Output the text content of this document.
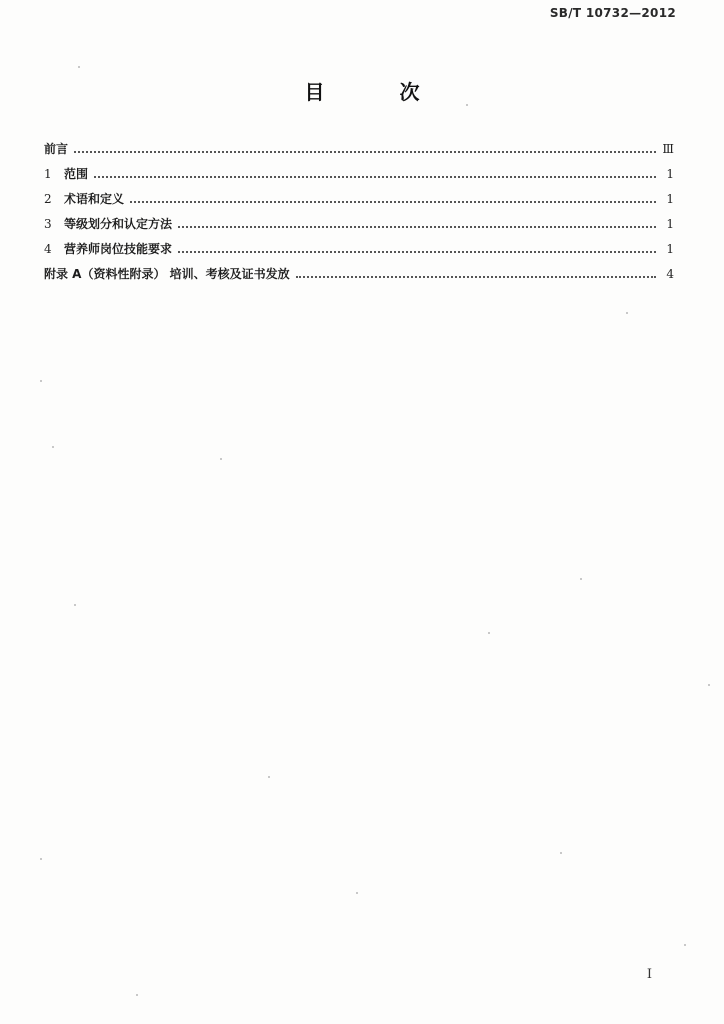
SB/T 10732—2012
目 次
前言	Ⅲ
1	范围	1
2	术语和定义	1
3	等级划分和认定方法	1
4	营养师岗位技能要求	1
附录 A（资料性附录） 培训、考核及证书发放	4
I
